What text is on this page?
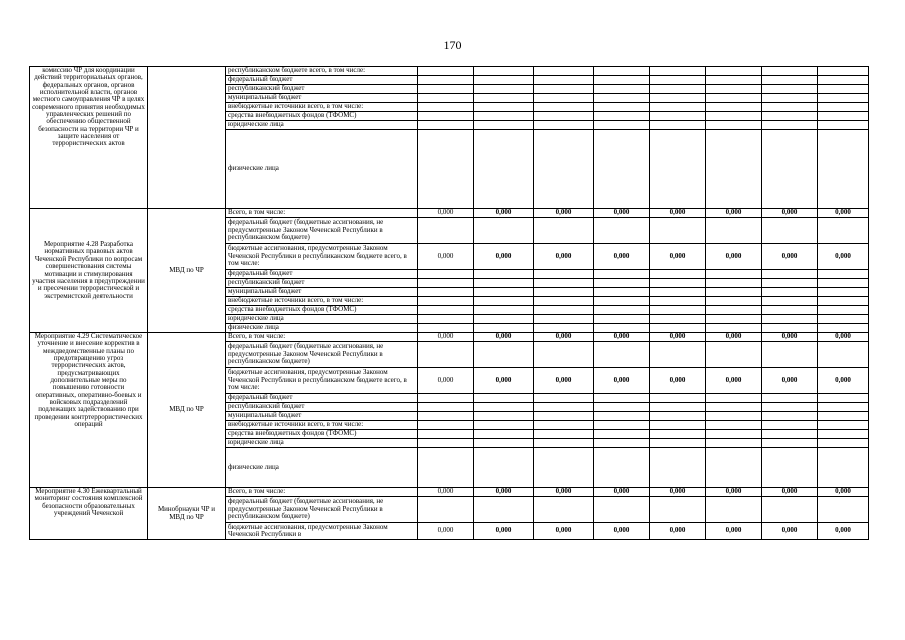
170
комиссию ЧР для координации действий территориальных органов, федеральных органов, органов исполнительной власти, органов местного самоуправления ЧР в целях современного принятия необходимых управленческих решений по обеспечению общественной безопасности на территории ЧР и защите населения от террористических актов		республиканском бюджете всего, в том числе:								
		федеральный бюджет								
		республиканский бюджет								
		муниципальный бюджет								
		внебюджетные источники всего, в том числе:								
		средства внебюджетных фондов (ТФОМС)								
		юридические лица								
		физические лица								
Мероприятие 4.28 Разработка нормативных правовых актов Чеченской Республики по вопросам совершенствования системы мотивации и стимулирования участия населения в предупреждении и пресечении террористической и экстремистской деятельности	МВД по ЧР	Всего, в том числе:	0,000	0,000	0,000	0,000	0,000	0,000	0,000	0,000
		федеральный бюджет (бюджетные ассигнования, не предусмотренные Законом Чеченской Республики в республиканском бюджете)								
		бюджетные ассигнования, предусмотренные Законом Чеченской Республики в республиканском бюджете всего, в том числе:	0,000	0,000	0,000	0,000	0,000	0,000	0,000	0,000
		федеральный бюджет								
		республиканский бюджет								
		муниципальный бюджет								
		внебюджетные источники всего, в том числе:								
		средства внебюджетных фондов (ТФОМС)								
		юридические лица								
		физические лица								
Мероприятие 4.29 Систематическое уточнение и внесение корректив в междведомственные планы по предотвращению угроз террористических актов, предусматривающих дополнительные меры по повышению готовности оперативных, оперативно-боевых и войсковых подразделений подлежащих задействованию при проведении контртеррористических операций	МВД по ЧР	Всего, в том числе:	0,000	0,000	0,000	0,000	0,000	0,000	0,000	0,000
		федеральный бюджет (бюджетные ассигнования, не предусмотренные Законом Чеченской Республики в республиканском бюджете)								
		бюджетные ассигнования, предусмотренные Законом Чеченской Республики в республиканском бюджете всего, в том числе:	0,000	0,000	0,000	0,000	0,000	0,000	0,000	0,000
		федеральный бюджет								
		республиканский бюджет								
		муниципальный бюджет								
		внебюджетные источники всего, в том числе:								
		средства внебюджетных фондов (ТФОМС)								
		юридические лица								
		физические лица								
Мероприятие 4.30 Ежеквартальный мониторинг состояния комплексной безопасности образовательных учреждений Чеченской	Минобрнауки ЧР и МВД по ЧР	Всего, в том числе:	0,000	0,000	0,000	0,000	0,000	0,000	0,000	0,000
		федеральный бюджет (бюджетные ассигнования, не предусмотренные Законом Чеченской Республики в республиканском бюджете)								
		бюджетные ассигнования, предусмотренные Законом Чеченской Республики в	0,000	0,000	0,000	0,000	0,000	0,000	0,000	0,000
